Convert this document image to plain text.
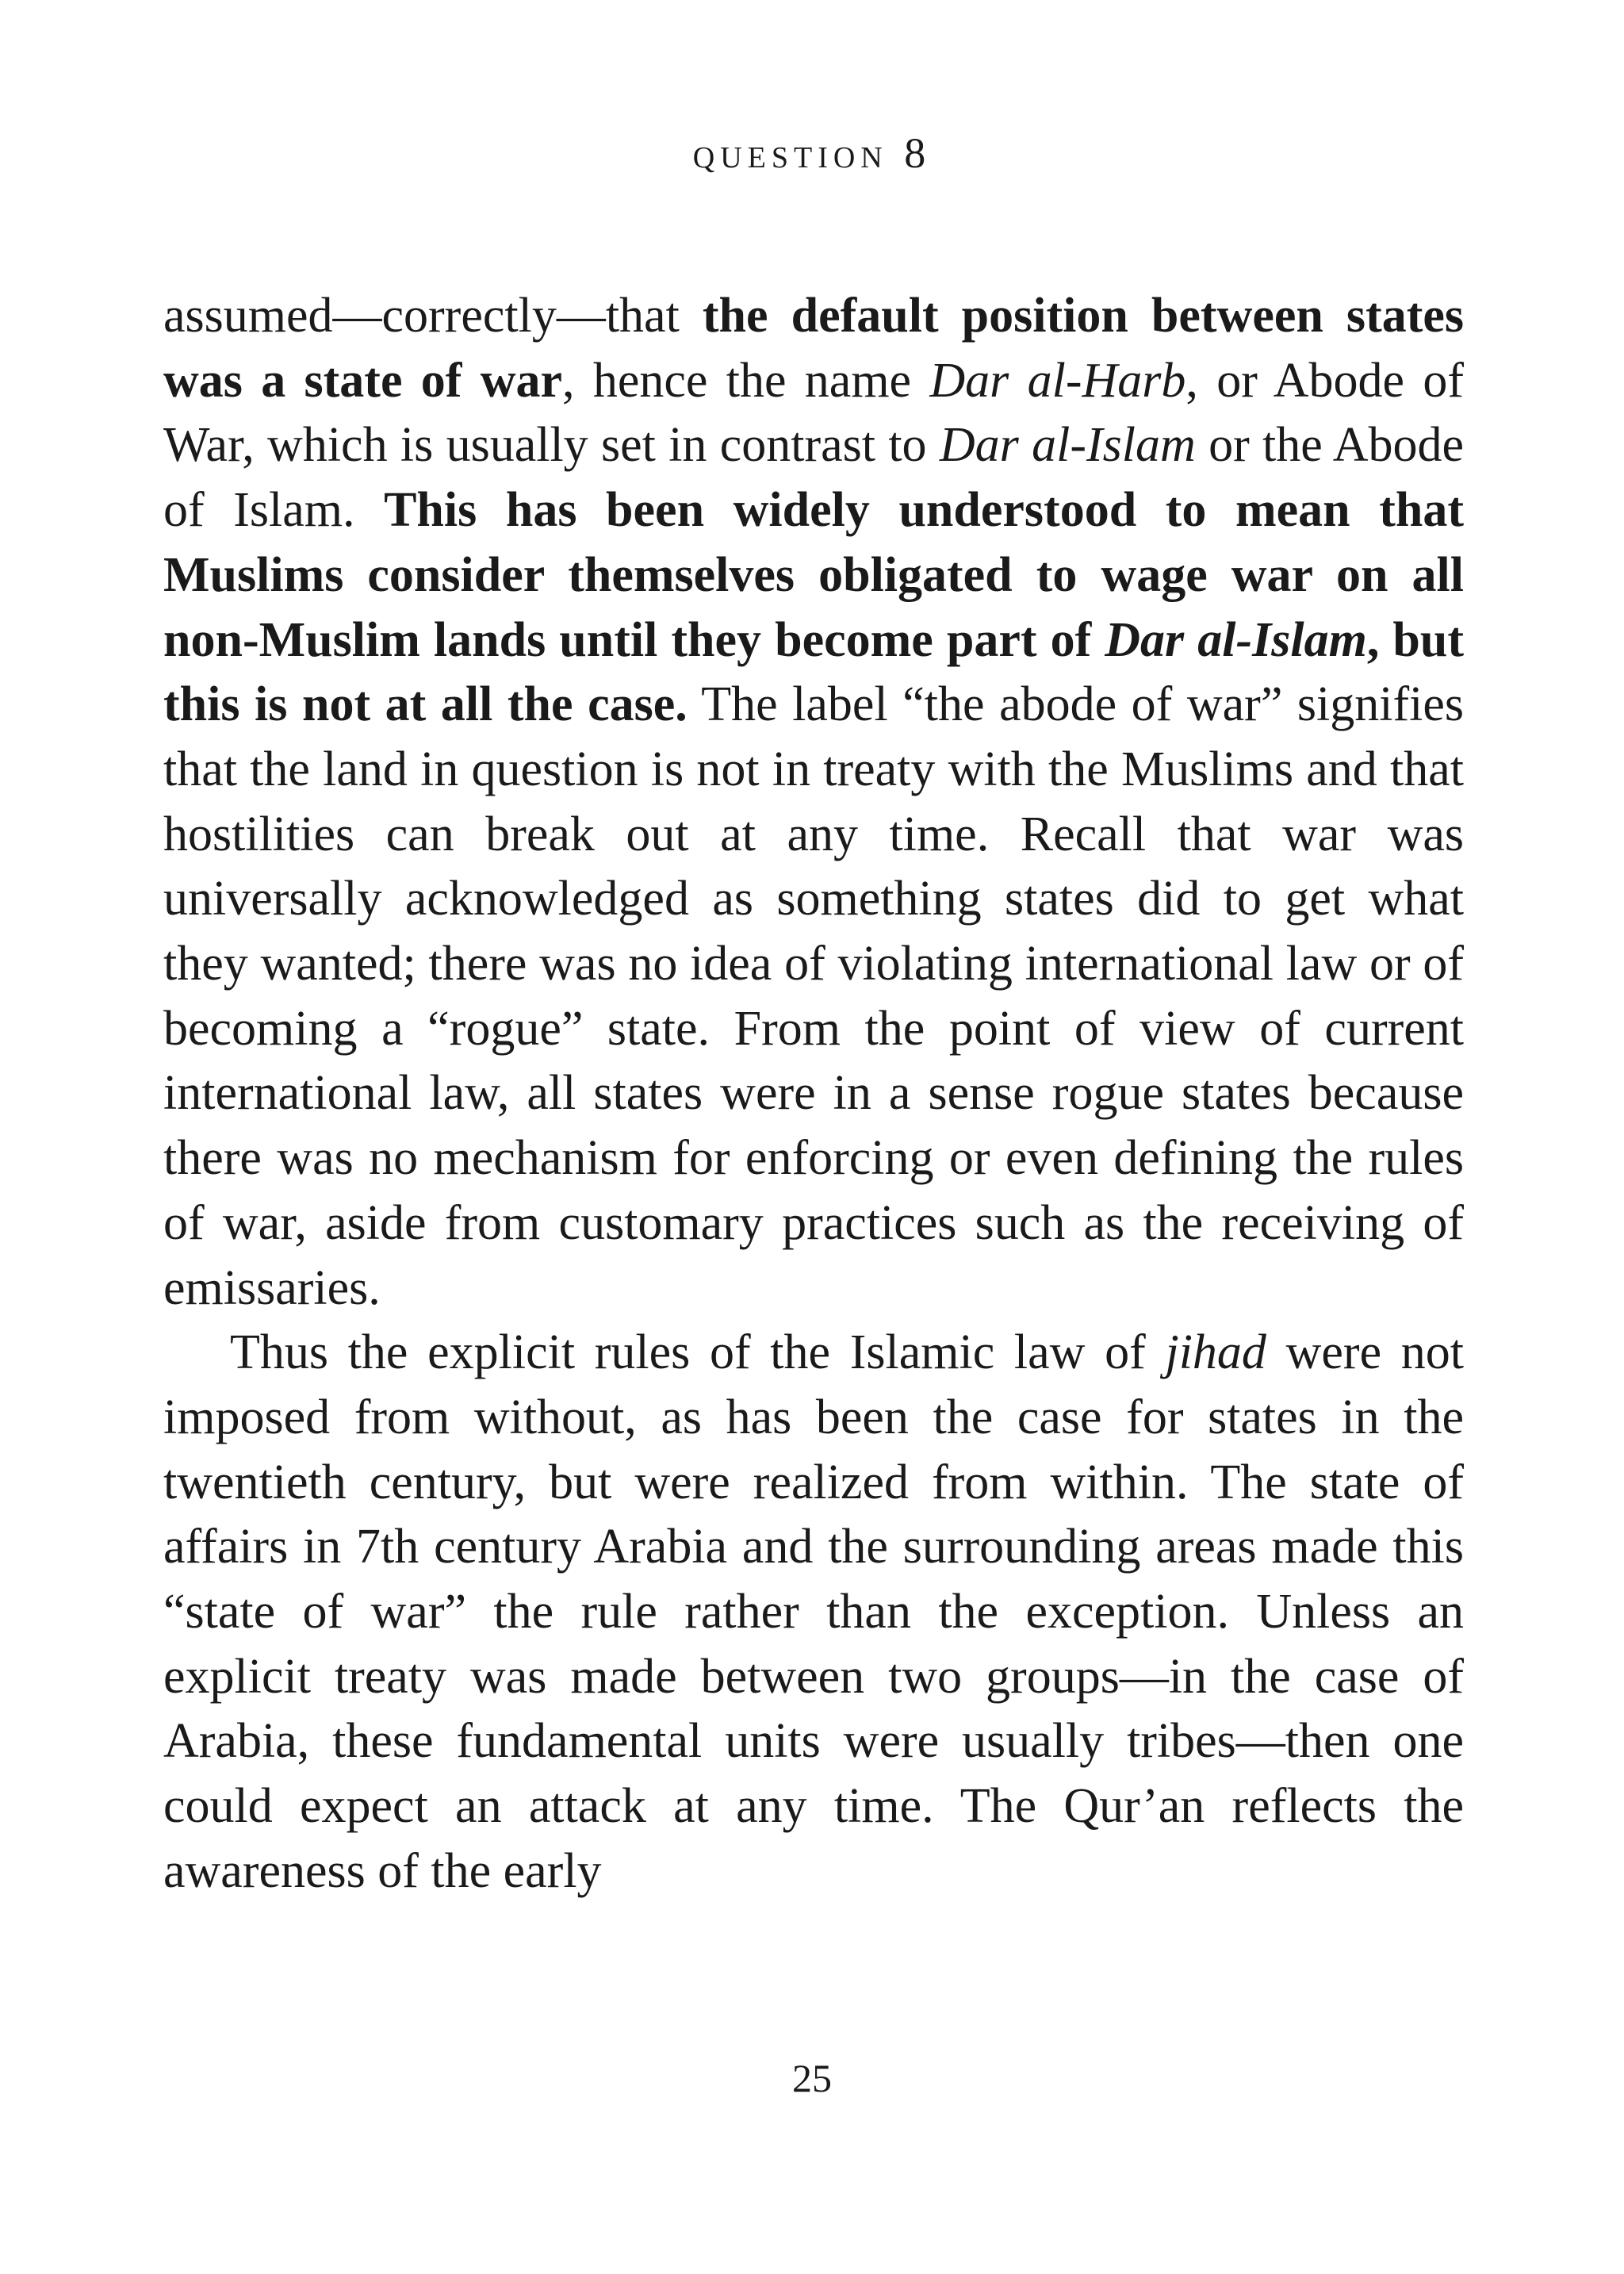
question 8

assumed—correctly—that the default position between states was a state of war, hence the name Dar al-Harb, or Abode of War, which is usually set in contrast to Dar al-Islam or the Abode of Islam. This has been widely understood to mean that Muslims consider themselves obligated to wage war on all non-Muslim lands until they become part of Dar al-Islam, but this is not at all the case. The label “the abode of war” signifies that the land in question is not in treaty with the Muslims and that hostilities can break out at any time. Recall that war was universally acknowledged as something states did to get what they wanted; there was no idea of violating international law or of becoming a “rogue” state. From the point of view of current international law, all states were in a sense rogue states because there was no mechanism for enforcing or even defining the rules of war, aside from customary practices such as the receiving of emissaries.

Thus the explicit rules of the Islamic law of jihad were not imposed from without, as has been the case for states in the twentieth century, but were realized from within. The state of affairs in 7th century Arabia and the surrounding areas made this “state of war” the rule rather than the exception. Unless an explicit treaty was made between two groups—in the case of Arabia, these fundamental units were usually tribes—then one could expect an attack at any time. The Qur’an reflects the awareness of the early

25
